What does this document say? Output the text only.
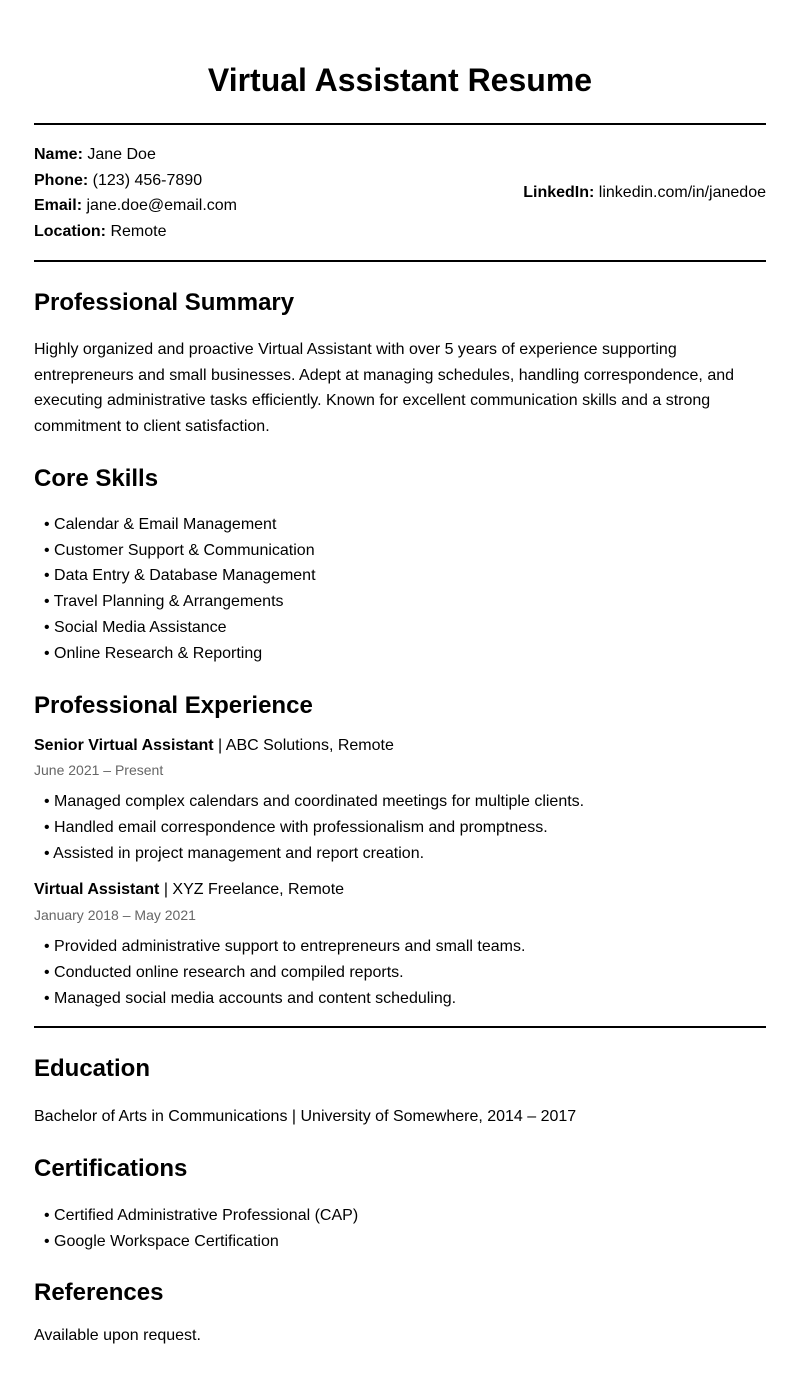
Virtual Assistant Resume
Name: Jane Doe
Phone: (123) 456-7890
Email: jane.doe@email.com
Location: Remote
LinkedIn: linkedin.com/in/janedoe
Professional Summary

Highly organized and proactive Virtual Assistant with over 5 years of experience supporting entrepreneurs and small businesses. Adept at managing schedules, handling correspondence, and executing administrative tasks efficiently. Known for excellent communication skills and a strong commitment to client satisfaction.

Core Skills
• Calendar & Email Management
• Customer Support & Communication
• Data Entry & Database Management
• Travel Planning & Arrangements
• Social Media Assistance
• Online Research & Reporting
Professional Experience
Senior Virtual Assistant | ABC Solutions, Remote
June 2021 – Present
• Managed complex calendars and coordinated meetings for multiple clients.
• Handled email correspondence with professionalism and promptness.
• Assisted in project management and report creation.
Virtual Assistant | XYZ Freelance, Remote
January 2018 – May 2021
• Provided administrative support to entrepreneurs and small teams.
• Conducted online research and compiled reports.
• Managed social media accounts and content scheduling.
Education

Bachelor of Arts in Communications | University of Somewhere, 2014 – 2017

Certifications
• Certified Administrative Professional (CAP)
• Google Workspace Certification
References

Available upon request.
